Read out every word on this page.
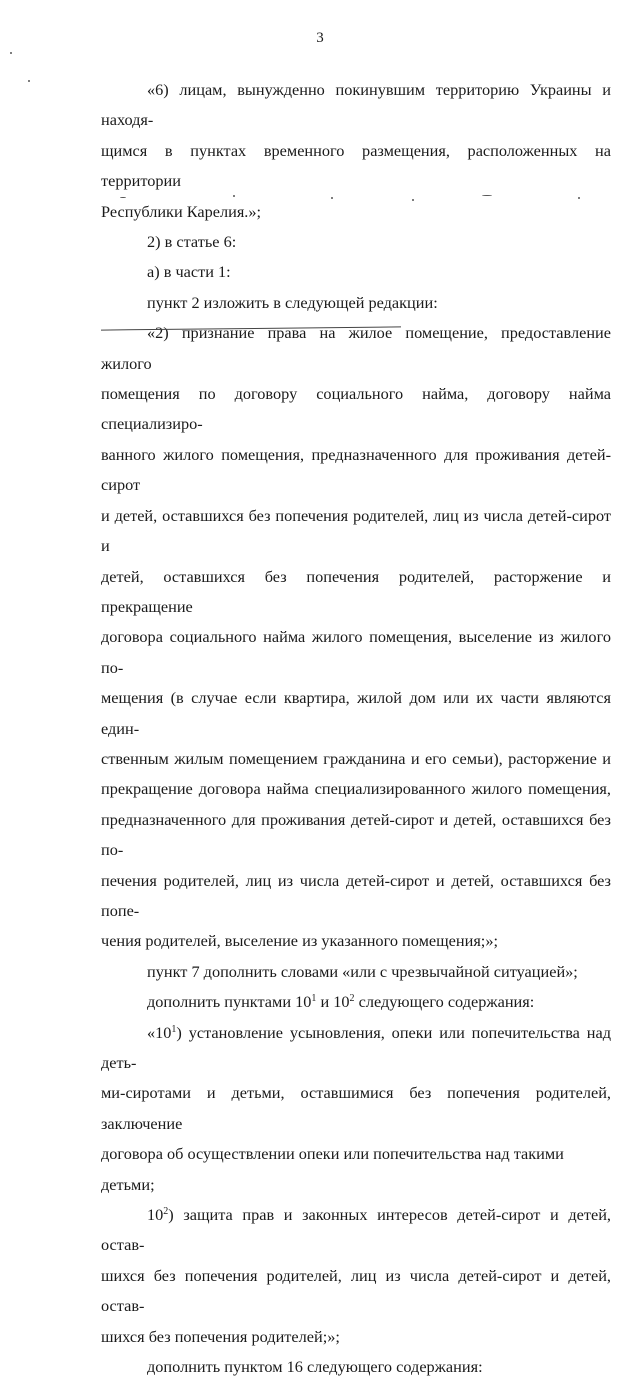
3

«6) лицам, вынужденно покинувшим территорию Украины и находя-

щимся в пунктах временного размещения, расположенных на территории

Республики Карелия.»;

2) в статье 6:

а) в части 1:

пункт 2 изложить в следующей редакции:

«2) признание права на жилое помещение, предоставление жилого

помещения по договору социального найма, договору найма специализиро-

ванного жилого помещения, предназначенного для проживания детей-сирот

и детей, оставшихся без попечения родителей, лиц из числа детей-сирот и

детей, оставшихся без попечения родителей, расторжение и прекращение

договора социального найма жилого помещения, выселение из жилого по-

мещения (в случае если квартира, жилой дом или их части являются един-

ственным жилым помещением гражданина и его семьи), расторжение и

прекращение договора найма специализированного жилого помещения,

предназначенного для проживания детей-сирот и детей, оставшихся без по-

печения родителей, лиц из числа детей-сирот и детей, оставшихся без попе-

чения родителей, выселение из указанного помещения;»;

пункт 7 дополнить словами «или с чрезвычайной ситуацией»;

дополнить пунктами $10^1$ и $10^2$ следующего содержания:

«$10^1$) установление усыновления, опеки или попечительства над деть-

ми-сиротами и детьми, оставшимися без попечения родителей, заключение

договора об осуществлении опеки или попечительства над такими детьми;

$10^2$) защита прав и законных интересов детей-сирот и детей, остав-

шихся без попечения родителей, лиц из числа детей-сирот и детей, остав-

шихся без попечения родителей;»;

дополнить пунктом 16 следующего содержания:
